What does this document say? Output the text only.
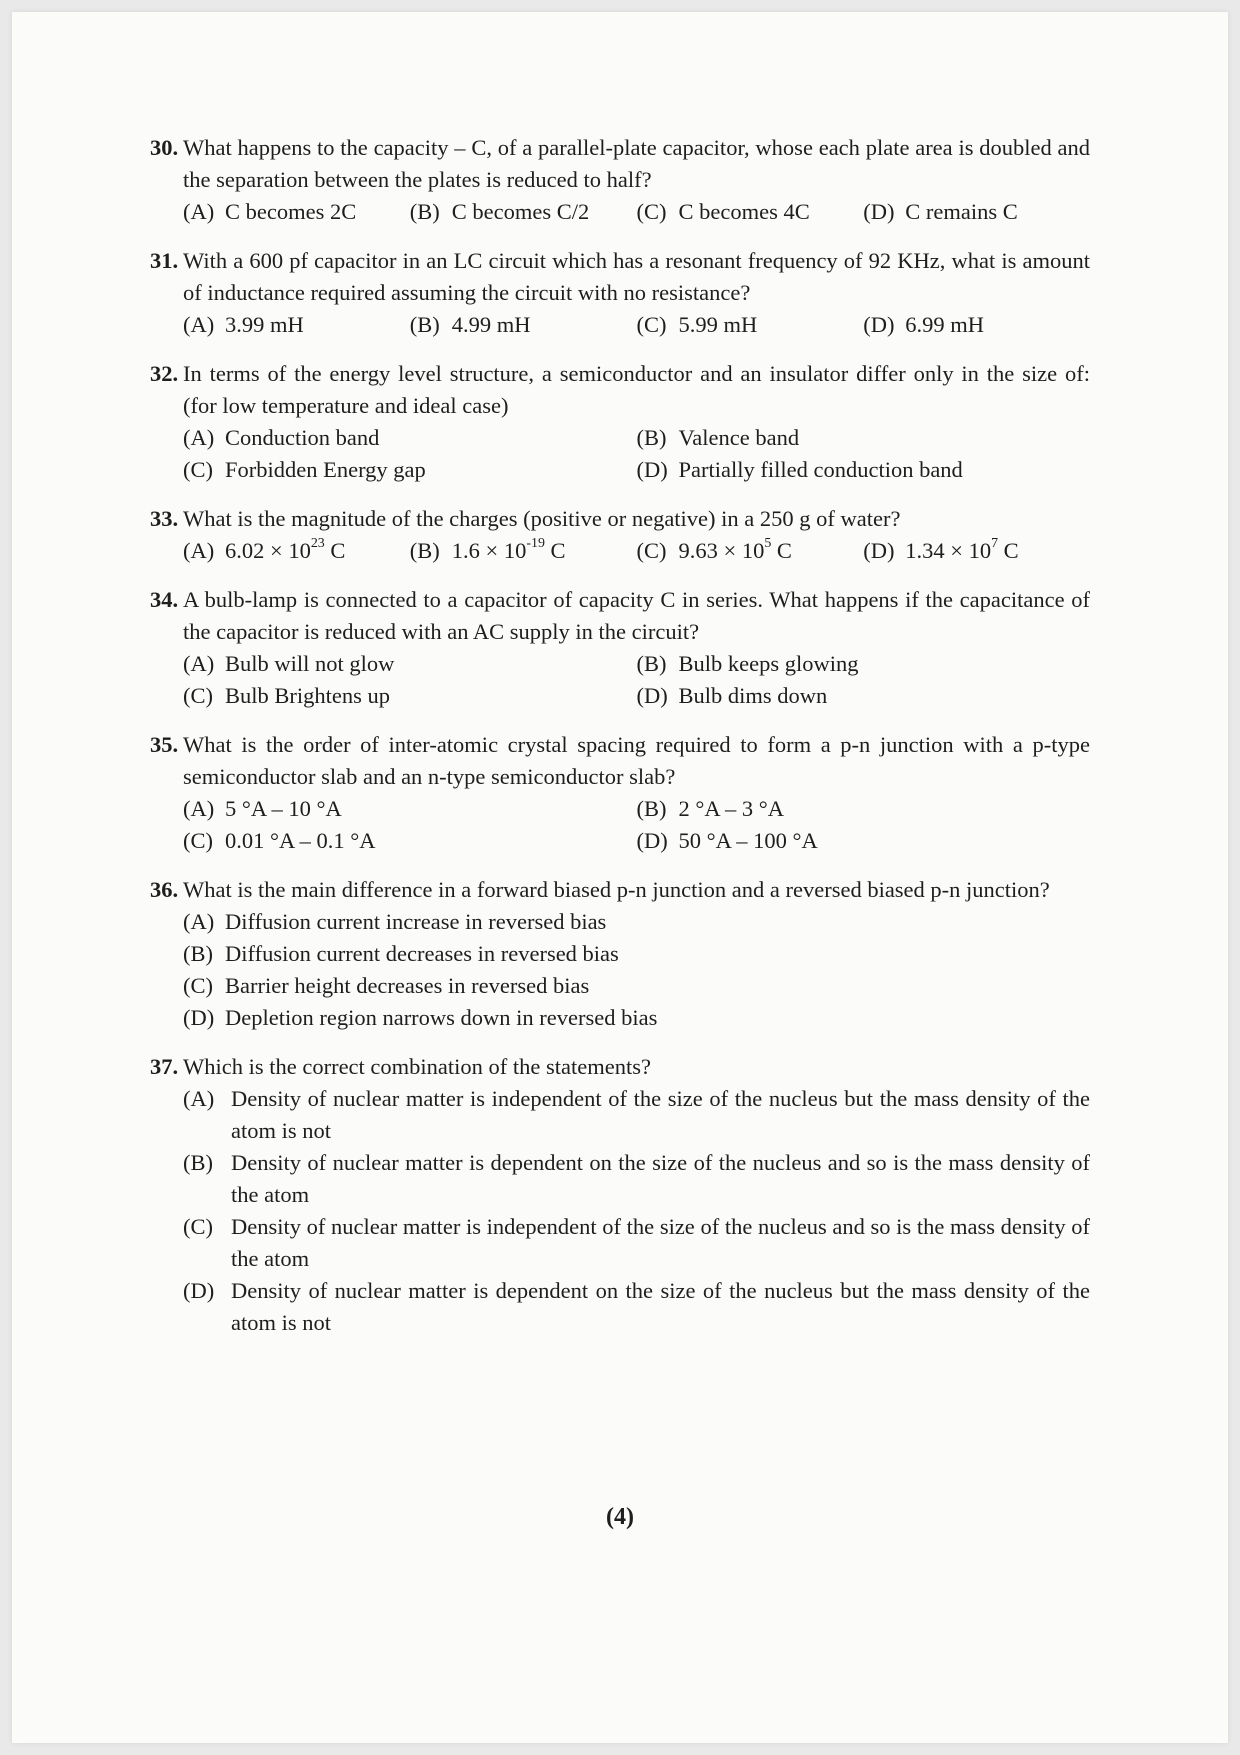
30. What happens to the capacity – C, of a parallel-plate capacitor, whose each plate area is doubled and the separation between the plates is reduced to half?
(A) C becomes 2C	(B) C becomes C/2	(C) C becomes 4C	(D) C remains C
31. With a 600 pf capacitor in an LC circuit which has a resonant frequency of 92 KHz, what is amount of inductance required assuming the circuit with no resistance?
(A) 3.99 mH	(B) 4.99 mH	(C) 5.99 mH	(D) 6.99 mH
32. In terms of the energy level structure, a semiconductor and an insulator differ only in the size of: (for low temperature and ideal case)
(A) Conduction band	(B) Valence band
(C) Forbidden Energy gap	(D) Partially filled conduction band
33. What is the magnitude of the charges (positive or negative) in a 250 g of water?
(A) $6.02 \times 10^{23}$ C	(B) $1.6 \times 10^{-19}$ C	(C) $9.63 \times 10^5$ C	(D) $1.34 \times 10^7$ C
34. A bulb-lamp is connected to a capacitor of capacity C in series. What happens if the capacitance of the capacitor is reduced with an AC supply in the circuit?
(A) Bulb will not glow	(B) Bulb keeps glowing
(C) Bulb Brightens up	(D) Bulb dims down
35. What is the order of inter-atomic crystal spacing required to form a p-n junction with a p-type semiconductor slab and an n-type semiconductor slab?
(A) 5 °A – 10 °A	(B) 2 °A – 3 °A
(C) 0.01 °A – 0.1 °A	(D) 50 °A – 100 °A
36. What is the main difference in a forward biased p-n junction and a reversed biased p-n junction?
(A) Diffusion current increase in reversed bias
(B) Diffusion current decreases in reversed bias
(C) Barrier height decreases in reversed bias
(D) Depletion region narrows down in reversed bias
37. Which is the correct combination of the statements?
(A) Density of nuclear matter is independent of the size of the nucleus but the mass density of the atom is not
(B) Density of nuclear matter is dependent on the size of the nucleus and so is the mass density of the atom
(C) Density of nuclear matter is independent of the size of the nucleus and so is the mass density of the atom
(D) Density of nuclear matter is dependent on the size of the nucleus but the mass density of the atom is not
(4)
